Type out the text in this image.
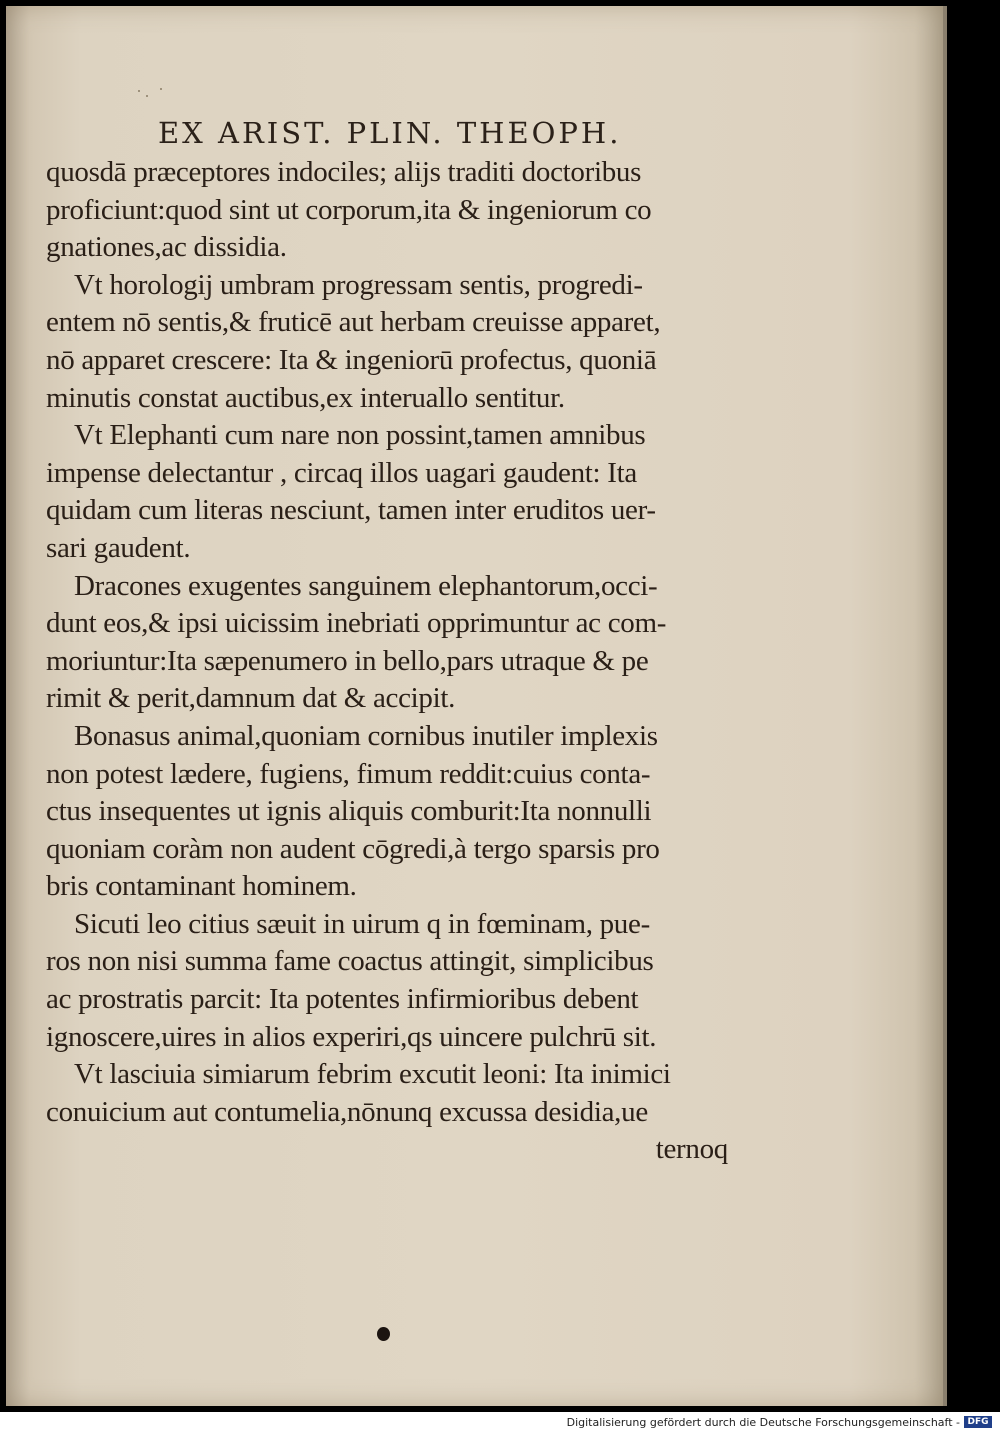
EX ARIST. PLIN. THEOPH.
quosdā præceptores indociles; alijs traditi doctoribus
proficiunt:quod sint ut corporum,ita & ingeniorum co
gnationes,ac dissidia.
Vt horologij umbram progressam sentis, progredi-
entem nō sentis,& fruticē aut herbam creuisse apparet,
nō apparet crescere: Ita & ingeniorū profectus, quoniā
minutis constat auctibus,ex interuallo sentitur.
Vt Elephanti cum nare non possint,tamen amnibus
impense delectantur , circaq illos uagari gaudent: Ita
quidam cum literas nesciunt, tamen inter eruditos uer-
sari gaudent.
Dracones exugentes sanguinem elephantorum,occi-
dunt eos,& ipsi uicissim inebriati opprimuntur ac com-
moriuntur:Ita sæpenumero in bello,pars utraque & pe
rimit & perit,damnum dat & accipit.
Bonasus animal,quoniam cornibus inutiler implexis
non potest lædere, fugiens, fimum reddit:cuius conta-
ctus insequentes ut ignis aliquis comburit:Ita nonnulli
quoniam coràm non audent cōgredi,à tergo sparsis pro
bris contaminant hominem.
Sicuti leo citius sæuit in uirum q in fœminam, pue-
ros non nisi summa fame coactus attingit, simplicibus
ac prostratis parcit: Ita potentes infirmioribus debent
ignoscere,uires in alios experiri,qs uincere pulchrū sit.
Vt lasciuia simiarum febrim excutit leoni: Ita inimici
conuicium aut contumelia,nōnunq excussa desidia,ue
ternoq
Digitalisierung gefördert durch die Deutsche Forschungsgemeinschaft - DFG
